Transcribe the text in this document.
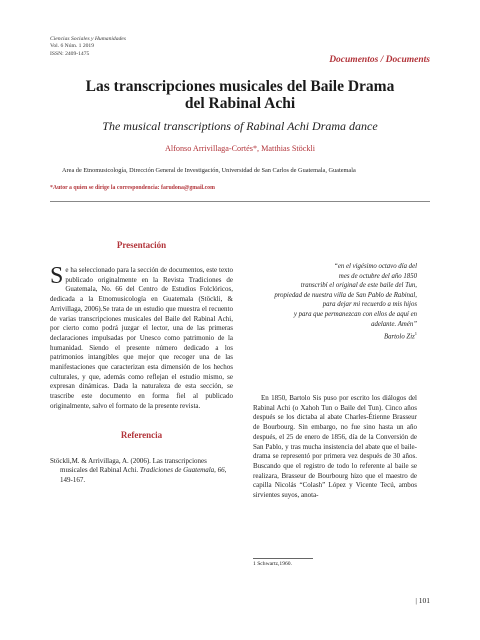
Ciencias Sociales y Humanidades
Vol. 6 Núm. 1 2019
ISSN: 2409-1475
Documentos / Documents
Las transcripciones musicales del Baile Drama
del Rabinal Achi
The musical transcriptions of Rabinal Achi Drama dance
Alfonso Arrivillaga-Cortés*, Matthias Stöckli
Area de Etnomusicología, Dirección General de Investigación, Universidad de San Carlos de Guatemala, Guatemala
*Autor a quien se dirige la correspondencia: farudona@gmail.com
Presentación
Se ha seleccionado para la sección de documentos, este texto publicado originalmente en la Revista Tradiciones de Guatemala, No. 66 del Centro de Estudios Folclóricos, dedicada a la Etnomusicología en Guatemala (Stöckli, & Arrivillaga, 2006).Se trata de un estudio que muestra el recuento de varias transcripciones musicales del Baile del Rabinal Achi, por cierto como podrá juzgar el lector, una de las primeras declaraciones impulsadas por Unesco como patrimonio de la humanidad. Siendo el presente número dedicado a los patrimonios intangibles que mejor que recoger una de las manifestaciones que caracterizan esta dimensión de los hechos culturales, y que, además como reflejan el estudio mismo, se expresan dinámicas. Dada la naturaleza de esta sección, se trascribe este documento en forma fiel al publicado originalmente, salvo el formato de la presente revista.
Referencia
Stöckli,M. & Arrivillaga, A. (2006). Las transcripciones musicales del Rabinal Achi. Tradiciones de Guatemala, 66, 149-167.
“en el vigésimo octavo día del
mes de octubre del año 1850
transcribí el original de este baile del Tun,
propiedad de nuestra villa de San Pablo de Rabinal,
para dejar mi recuerdo a mis hijos
y para que permanezcan con ellos de aquí en
adelante. Amén”
Bartolo Ziz$^1$
En 1850, Bartolo Sis puso por escrito los diálogos del Rabinal Achi (o Xahoh Tun o Baile del Tun). Cinco años después se los dictaba al abate Charles-Étienne Brasseur de Bourbourg. Sin embargo, no fue sino hasta un año después, el 25 de enero de 1856, día de la Conversión de San Pablo, y tras mucha insistencia del abate que el baile-drama se representó por primera vez después de 30 años. Buscando que el registro de todo lo referente al baile se realizara, Brasseur de Bourbourg hizo que el maestro de capilla Nicolás “Colash” López y Vicente Tecú, ambos sirvientes suyos, anota-
1 Schwartz,1960.
| 101
